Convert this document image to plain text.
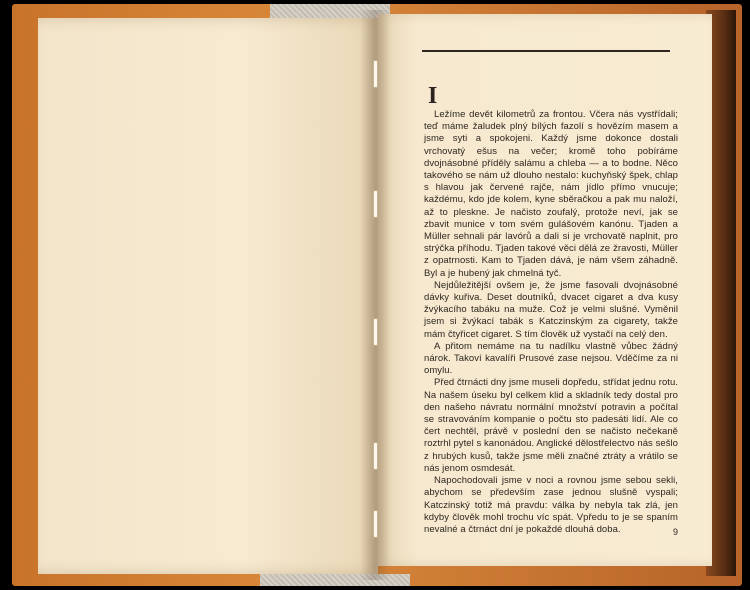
I

Ležíme devět kilometrů za frontou. Včera nás vystřídali; teď máme žaludek plný bílých fazolí s hovězím masem a jsme syti a spokojeni. Každý jsme dokonce dostali vrchovatý ešus na večer; kromě toho pobíráme dvojnásobné příděly salámu a chleba — a to bodne. Něco takového se nám už dlouho nestalo: kuchyňský špek, chlap s hlavou jak červené rajče, nám jídlo přímo vnucuje; každému, kdo jde kolem, kyne sběračkou a pak mu naloží, až to pleskne. Je načisto zoufalý, protože neví, jak se zbavit munice v tom svém gulášovém kanónu. Tjaden a Müller sehnali pár lavórů a dali si je vrchovatě naplnit, pro strýčka příhodu. Tjaden takové věci dělá ze žravosti, Müller z opatrnosti. Kam to Tjaden dává, je nám všem záhadně. Byl a je hubený jak chmelná tyč.

Nejdůležitější ovšem je, že jsme fasovali dvojnásobné dávky kuřiva. Deset doutníků, dvacet cigaret a dva kusy žvýkacího tabáku na muže. Což je velmi slušné. Vyměnil jsem si žvýkací tabák s Katczinským za cigarety, takže mám čtyřicet cigaret. S tím člověk už vystačí na celý den.

A přitom nemáme na tu nadílku vlastně vůbec žádný nárok. Takoví kavalíři Prusové zase nejsou. Vděčíme za ni omylu.

Před čtrnácti dny jsme museli dopředu, střídat jednu rotu. Na našem úseku byl celkem klid a skladník tedy dostal pro den našeho návratu normální množství potravin a počítal se stravováním kompanie o počtu sto padesáti lidí. Ale co čert nechtěl, právě v poslední den se načisto nečekaně roztrhl pytel s kanonádou. Anglické dělostřelectvo nás sešlo z hrubých kusů, takže jsme měli značné ztráty a vrátilo se nás jenom osmdesát.

Napochodovali jsme v noci a rovnou jsme sebou sekli, abychom se především zase jednou slušně vyspali; Katczinský totiž má pravdu: válka by nebyla tak zlá, jen kdyby člověk mohl trochu víc spát. Vpředu to je se spaním nevalné a čtrnáct dní je pokaždé dlouhá doba.	9
